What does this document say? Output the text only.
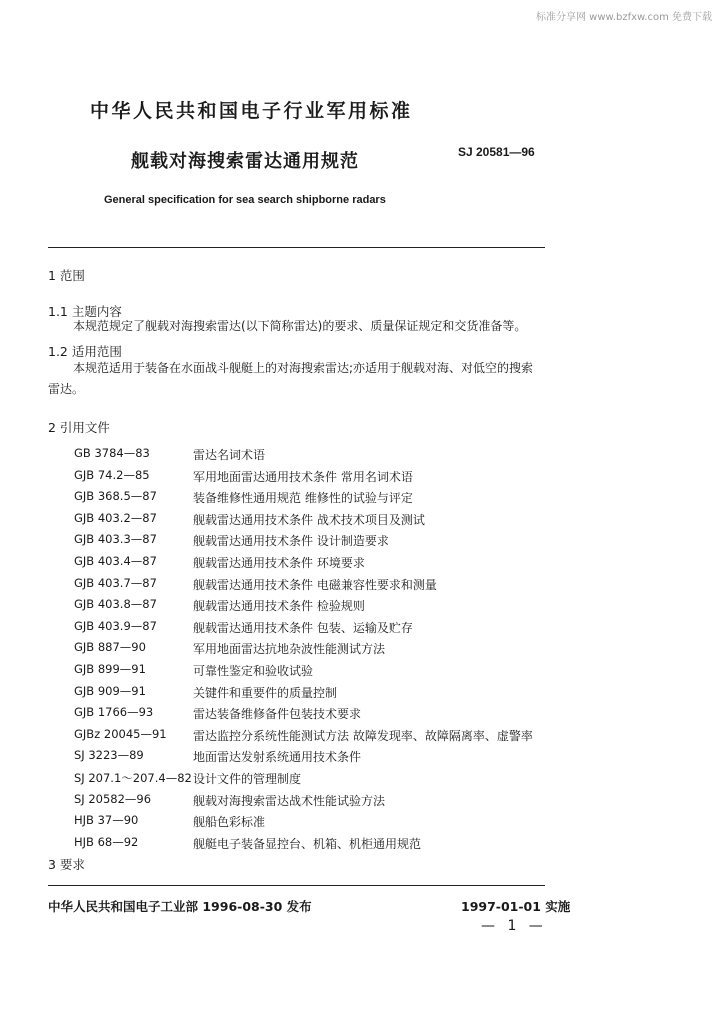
标准分享网 www.bzfxw.com 免费下载
中华人民共和国电子行业军用标准
舰载对海搜索雷达通用规范	SJ 20581—96
General specification for sea search shipborne radars
1 范围
1.1 主题内容
本规范规定了舰载对海搜索雷达(以下简称雷达)的要求、质量保证规定和交货准备等。
1.2 适用范围
本规范适用于装备在水面战斗舰艇上的对海搜索雷达;亦适用于舰载对海、对低空的搜索雷达。
2 引用文件
GB 3784—83	雷达名词术语
GJB 74.2—85	军用地面雷达通用技术条件 常用名词术语
GJB 368.5—87	装备维修性通用规范 维修性的试验与评定
GJB 403.2—87	舰载雷达通用技术条件 战术技术项目及测试
GJB 403.3—87	舰载雷达通用技术条件 设计制造要求
GJB 403.4—87	舰载雷达通用技术条件 环境要求
GJB 403.7—87	舰载雷达通用技术条件 电磁兼容性要求和测量
GJB 403.8—87	舰载雷达通用技术条件 检验规则
GJB 403.9—87	舰载雷达通用技术条件 包装、运输及贮存
GJB 887—90	军用地面雷达抗地杂波性能测试方法
GJB 899—91	可靠性鉴定和验收试验
GJB 909—91	关键件和重要件的质量控制
GJB 1766—93	雷达装备维修备件包装技术要求
GJBz 20045—91 雷达监控分系统性能测试方法 故障发现率、故障隔离率、虚警率
SJ 3223—89	地面雷达发射系统通用技术条件
SJ 207.1～207.4—82 设计文件的管理制度
SJ 20582—96	舰载对海搜索雷达战术性能试验方法
HJB 37—90	舰船色彩标准
HJB 68—92	舰艇电子装备显控台、机箱、机柜通用规范
3 要求
中华人民共和国电子工业部 1996-08-30 发布	1997-01-01 实施
— 1 —
